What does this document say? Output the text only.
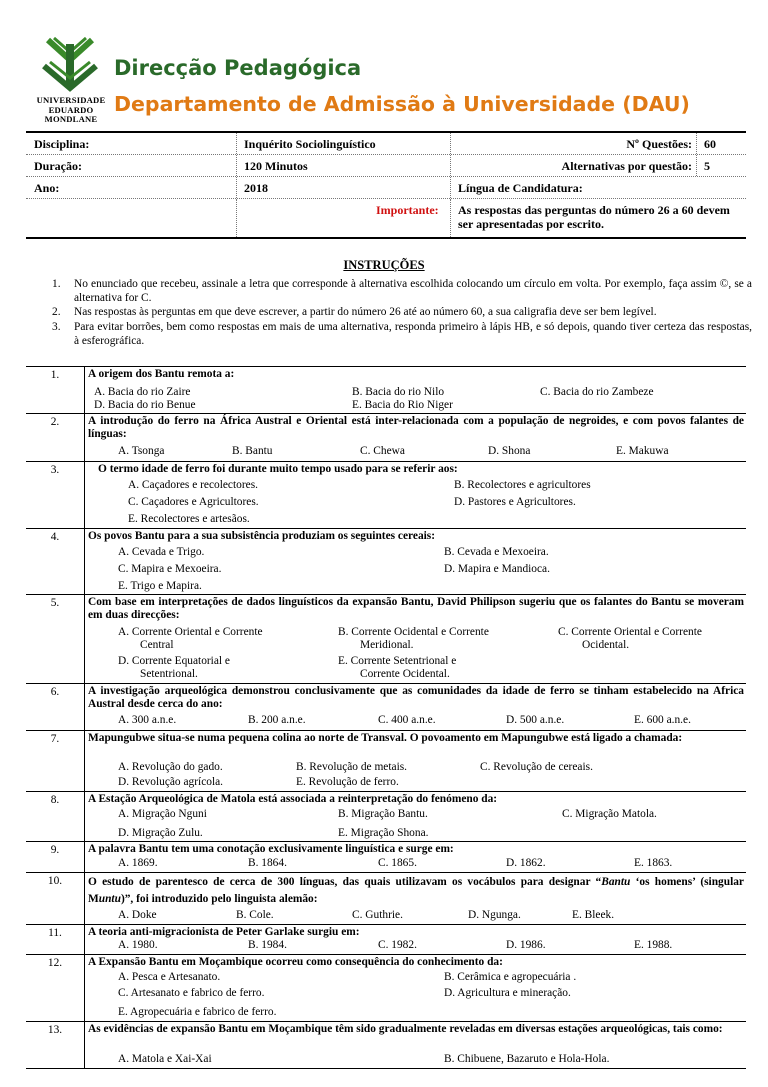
UNIVERSIDADE
EDUARDO
MONDLANE
Direcção Pedagógica
Departamento de Admissão à Universidade (DAU)
Disciplina:	Inquérito Sociolinguístico	Nº Questões: 60
Duração:	120 Minutos	Alternativas por questão: 5
Ano:	2018	Língua de Candidatura:
Importante: As respostas das perguntas do número 26 a 60 devem ser apresentadas por escrito.
INSTRUÇÕES
1. No enunciado que recebeu, assinale a letra que corresponde à alternativa escolhida colocando um círculo em volta. Por exemplo, faça assim ©, se a alternativa for C.
2. Nas respostas às perguntas em que deve escrever, a partir do número 26 até ao número 60, a sua caligrafia deve ser bem legível.
3. Para evitar borrões, bem como respostas em mais de uma alternativa, responda primeiro à lápis HB, e só depois, quando tiver certeza das respostas, à esferográfica.
1.	A origem dos Bantu remota a:
A. Bacia do rio Zaire	B. Bacia do rio Nilo	C. Bacia do rio Zambeze
D. Bacia do rio Benue	E. Bacia do Rio Niger
2.	A introdução do ferro na África Austral e Oriental está inter-relacionada com a população de negroides, e com povos falantes de línguas:
A. Tsonga	B. Bantu	C. Chewa	D. Shona	E. Makuwa
3.	O termo idade de ferro foi durante muito tempo usado para se referir aos:
A. Caçadores e recolectores.	B. Recolectores e agricultores
C. Caçadores e Agricultores.	D. Pastores e Agricultores.
E. Recolectores e artesãos.
4.	Os povos Bantu para a sua subsistência produziam os seguintes cereais:
A. Cevada e Trigo.	B. Cevada e Mexoeira.
C. Mapira e Mexoeira.	D. Mapira e Mandioca.
E. Trigo e Mapira.
5.	Com base em interpretações de dados linguísticos da expansão Bantu, David Philipson sugeriu que os falantes do Bantu se moveram em duas direcções:
A. Corrente Oriental e Corrente
Central
B. Corrente Ocidental e Corrente
Meridional.
C. Corrente Oriental e Corrente
Ocidental.
D. Corrente Equatorial e
Setentrional.
E. Corrente Setentrional e
Corrente Ocidental.
6.	A investigação arqueológica demonstrou conclusivamente que as comunidades da idade de ferro se tinham estabelecido na Africa Austral desde cerca do ano:
A. 300 a.n.e.	B. 200 a.n.e.	C. 400 a.n.e.	D. 500 a.n.e.	E. 600 a.n.e.
7.	Mapungubwe situa-se numa pequena colina ao norte de Transval. O povoamento em Mapungubwe está ligado a chamada:
A. Revolução do gado.	B. Revolução de metais.	C. Revolução de cereais.
D. Revolução agrícola.	E. Revolução de ferro.
8.	A Estação Arqueológica de Matola está associada a reinterpretação do fenómeno da:
A. Migração Nguni	B. Migração Bantu.	C. Migração Matola.
D. Migração Zulu.	E. Migração Shona.
9.	A palavra Bantu tem uma conotação exclusivamente linguística e surge em:
A. 1869.	B. 1864.	C. 1865.	D. 1862.	E. 1863.
10.	O estudo de parentesco de cerca de 300 línguas, das quais utilizavam os vocábulos para designar “Bantu ‘os homens’ (singular Muntu)”, foi introduzido pelo linguista alemão:
A. Doke	B. Cole.	C. Guthrie.	D. Ngunga.	E. Bleek.
11.	A teoria anti-migracionista de Peter Garlake surgiu em:
A. 1980.	B. 1984.	C. 1982.	D. 1986.	E. 1988.
12.	A Expansão Bantu em Moçambique ocorreu como consequência do conhecimento da:
A. Pesca e Artesanato.	B. Cerâmica e agropecuária .
C. Artesanato e fabrico de ferro.	D. Agricultura e mineração.
E. Agropecuária e fabrico de ferro.
13.	As evidências de expansão Bantu em Moçambique têm sido gradualmente reveladas em diversas estações arqueológicas, tais como:
A. Matola e Xai-Xai	B. Chibuene, Bazaruto e Hola-Hola.
